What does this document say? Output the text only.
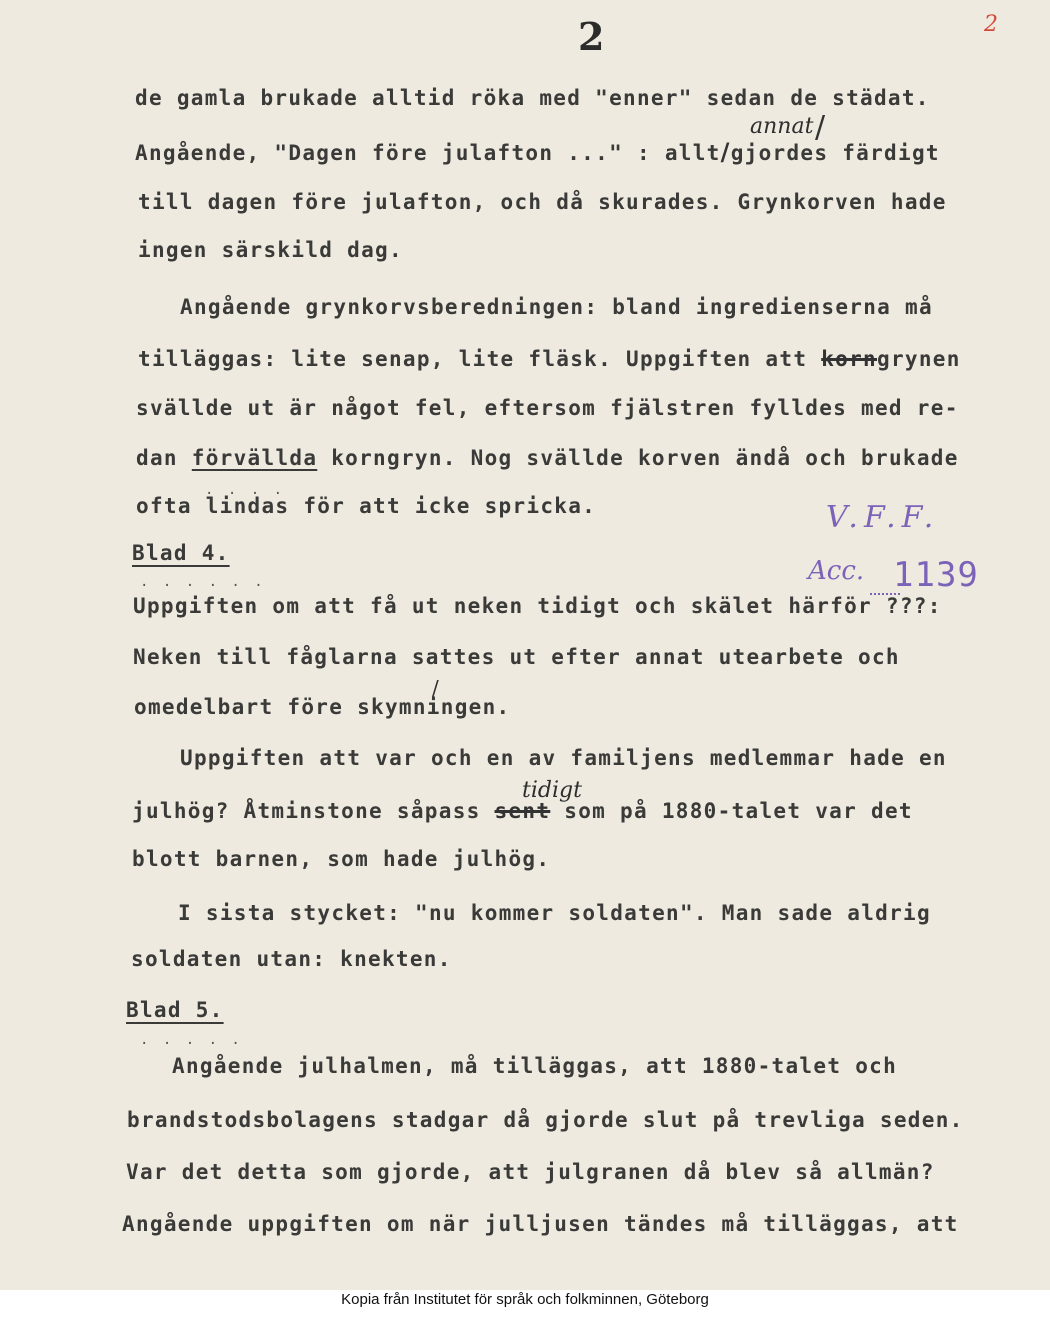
2	2
de gamla brukade alltid röka med "enner" sedan de städat.
annat /
Angående, "Dagen före julafton ..." : allt/gjordes färdigt
till dagen före julafton, och då skurades. Grynkorven hade
ingen särskild dag.
Angående grynkorvsberedningen: bland ingredienserna må
tilläggas: lite senap, lite fläsk. Uppgiften att korngrynen
svällde ut är något fel, eftersom fjälstren fylldes med re-
dan förvällda korngryn. Nog svällde korven ändå och brukade
. . . .
ofta lindas för att icke spricka.	V.F.F.
Acc. 1139
Blad 4.
. . . . . .
Uppgiften om att få ut neken tidigt och skälet härför ???:
Neken till fåglarna sattes ut efter annat utearbete och
/
omedelbart före skymningen.
Uppgiften att var och en av familjens medlemmar hade en
tidigt
julhög? Åtminstone såpass sent som på 1880-talet var det
blott barnen, som hade julhög.
I sista stycket: "nu kommer soldaten". Man sade aldrig
soldaten utan: knekten.
Blad 5.
. . . . .
Angående julhalmen, må tilläggas, att 1880-talet och
brandstodsbolagens stadgar då gjorde slut på trevliga seden.
Var det detta som gjorde, att julgranen då blev så allmän?
Angående uppgiften om när julljusen tändes må tilläggas, att
Kopia från Institutet för språk och folkminnen, Göteborg
